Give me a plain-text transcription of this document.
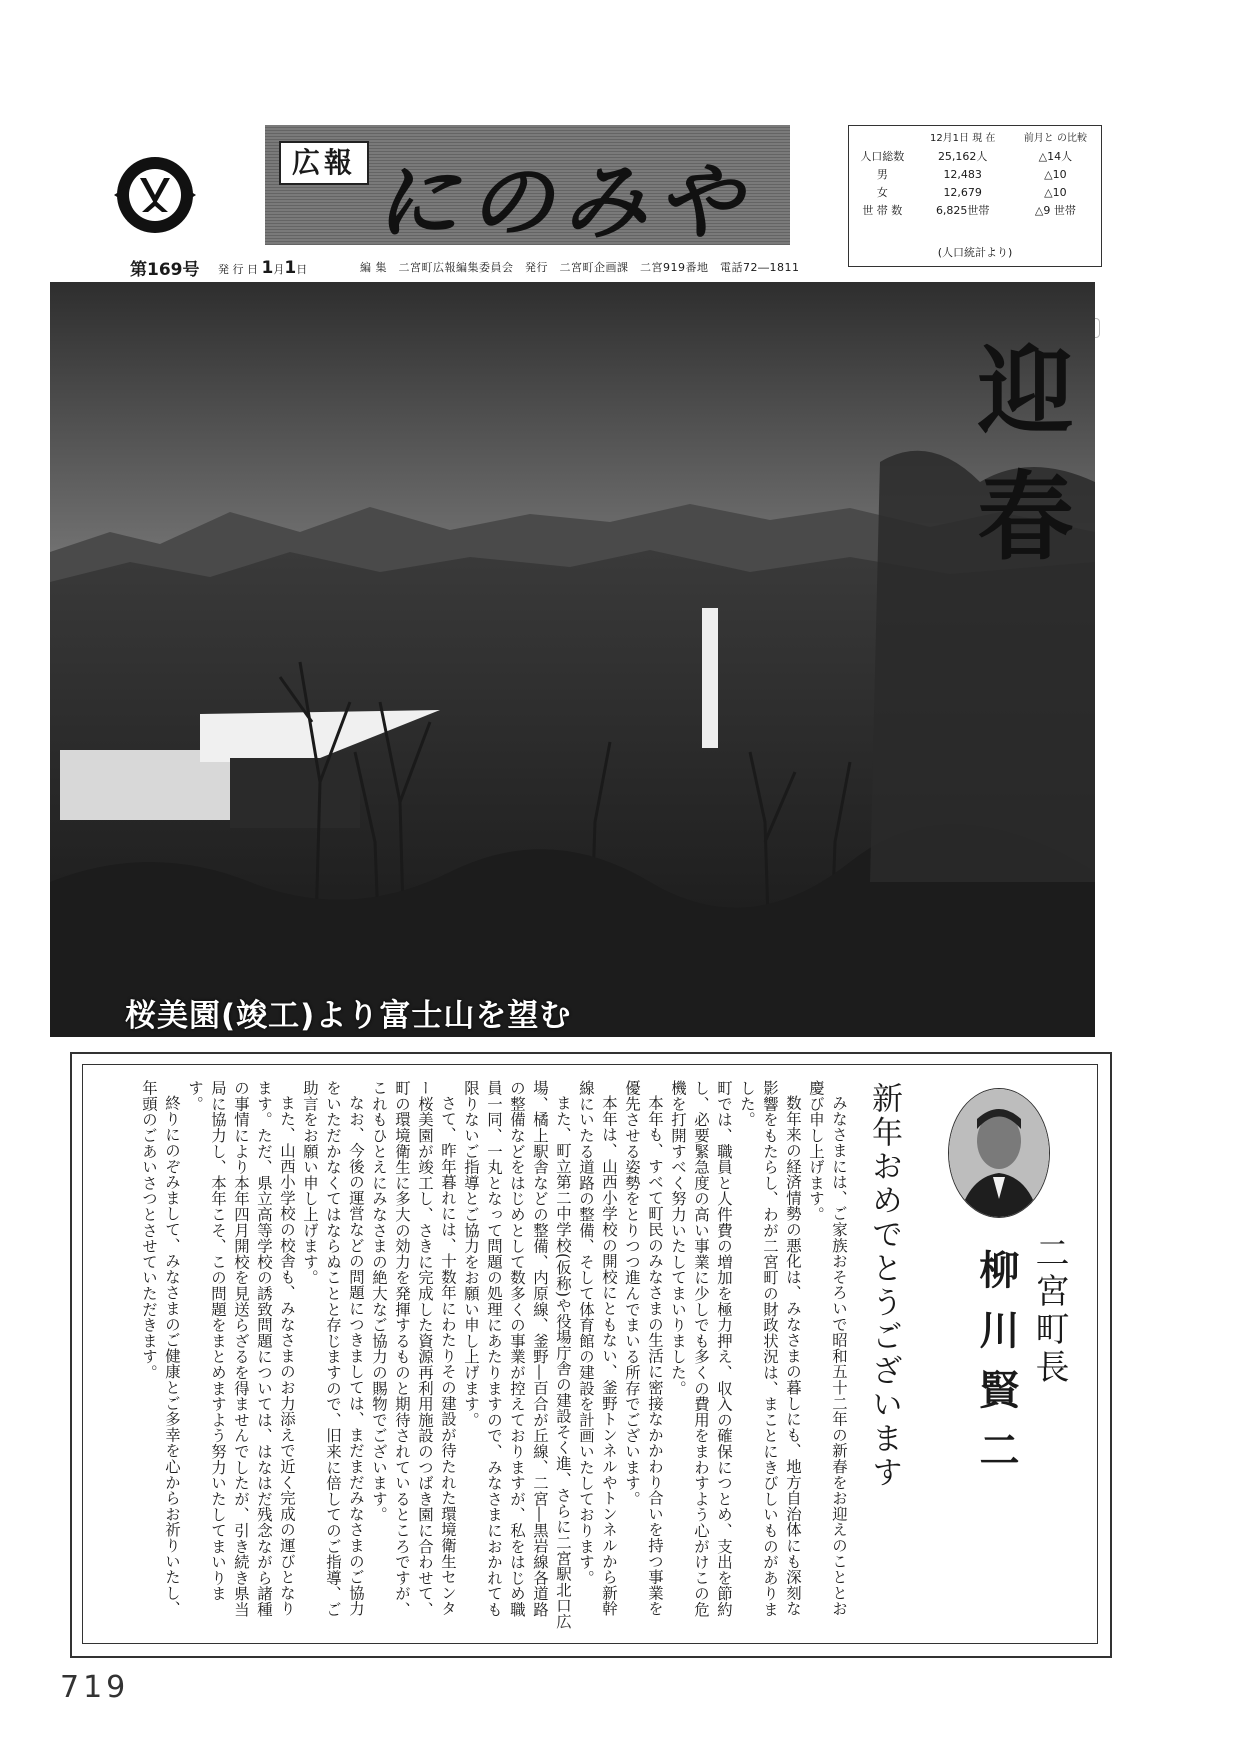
広報 にのみや
	12月1日 現 在	前月と の比較
人口総数	25,162人	△14人
男	12,483	△10
女	12,679	△10
世 帯 数	6,825世帯	△9 世帯
(人口統計より)
第169号 発 行 日 1月1日	編 集　二宮町広報編集委員会　発行　二宮町企画課　二宮919番地　電話72―1811
迎春
桜美園(竣工)より富士山を望む
新年おめでとうございます	二宮町長
柳川賢二

みなさまには、ご家族おそろいで昭和五十二年の新春をお迎えのこととお慶び申し上げます。

数年来の経済情勢の悪化は、みなさまの暮しにも、地方自治体にも深刻な影響をもたらし、わが二宮町の財政状況は、まことにきびしいものがありました。

町では、職員と人件費の増加を極力押え、収入の確保につとめ、支出を節約し、必要緊急度の高い事業に少しでも多くの費用をまわすよう心がけこの危機を打開すべく努力いたしてまいりました。

本年も、すべて町民のみなさまの生活に密接なかかわり合いを持つ事業を優先させる姿勢をとりつつ進んでまいる所存でございます。

本年は、山西小学校の開校にともない、釜野トンネルやトンネルから新幹線にいたる道路の整備、そして体育館の建設を計画いたしております。

また、町立第二中学校(仮称)や役場庁舎の建設そく進、さらに二宮駅北口広場、橘上駅舎などの整備、内原線、釜野―百合が丘線、二宮―黒岩線各道路の整備などをはじめとして数多くの事業が控えておりますが、私をはじめ職員一同、一丸となって問題の処理にあたりますので、みなさまにおかれても限りないご指導とご協力をお願い申し上げます。

さて、昨年暮れには、十数年にわたりその建設が待たれた環境衛生センター桜美園が竣工し、さきに完成した資源再利用施設のつばき園に合わせて、町の環境衛生に多大の効力を発揮するものと期待されているところですが、これもひとえにみなさまの絶大なご協力の賜物でございます。

なお、今後の運営などの問題につきましては、まだまだみなさまのご協力をいただかなくてはならぬことと存じますので、旧来に倍してのご指導、ご助言をお願い申し上げます。

また、山西小学校の校舎も、みなさまのお力添えで近く完成の運びとなります。ただ、県立高等学校の誘致問題については、はなはだ残念ながら諸種の事情により本年四月開校を見送らざるを得ませんでしたが、引き続き県当局に協力し、本年こそ、この問題をまとめますよう努力いたしてまいります。

終りにのぞみまして、みなさまのご健康とご多幸を心からお祈りいたし、年頭のごあいさつとさせていただきます。

719
